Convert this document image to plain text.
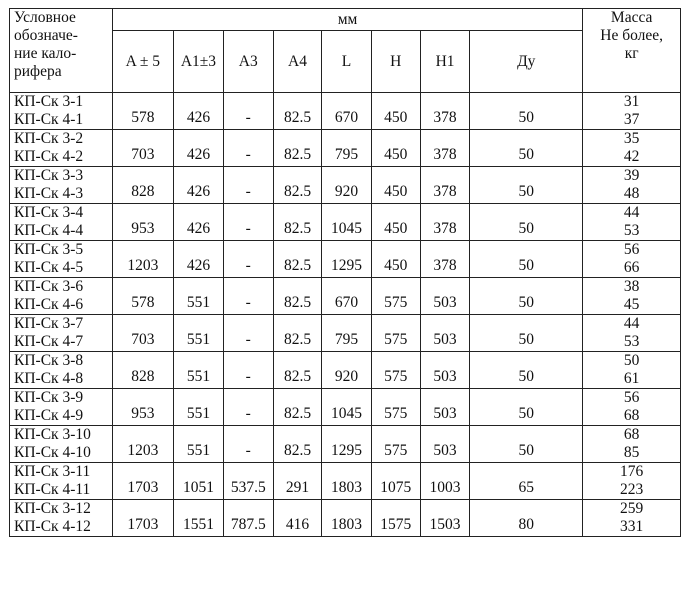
Условное
обозначе-
ние кало-
рифера	мм								Масса
Не более,
кг

	A ± 5	A1±3	A3	A4	L	H	H1	Ду	

КП-Ск 3-1
КП-Ск 4-1	578	426	-	82.5	670	450	378	50	31
37

КП-Ск 3-2
КП-Ск 4-2	703	426	-	82.5	795	450	378	50	35
42

КП-Ск 3-3
КП-Ск 4-3	828	426	-	82.5	920	450	378	50	39
48

КП-Ск 3-4
КП-Ск 4-4	953	426	-	82.5	1045	450	378	50	44
53

КП-Ск 3-5
КП-Ск 4-5	1203	426	-	82.5	1295	450	378	50	56
66

КП-Ск 3-6
КП-Ск 4-6	578	551	-	82.5	670	575	503	50	38
45

КП-Ск 3-7
КП-Ск 4-7	703	551	-	82.5	795	575	503	50	44
53

КП-Ск 3-8
КП-Ск 4-8	828	551	-	82.5	920	575	503	50	50
61

КП-Ск 3-9
КП-Ск 4-9	953	551	-	82.5	1045	575	503	50	56
68

КП-Ск 3-10
КП-Ск 4-10	1203	551	-	82.5	1295	575	503	50	68
85

КП-Ск 3-11
КП-Ск 4-11	1703	1051	537.5	291	1803	1075	1003	65	176
223

КП-Ск 3-12
КП-Ск 4-12	1703	1551	787.5	416	1803	1575	1503	80	259
331
